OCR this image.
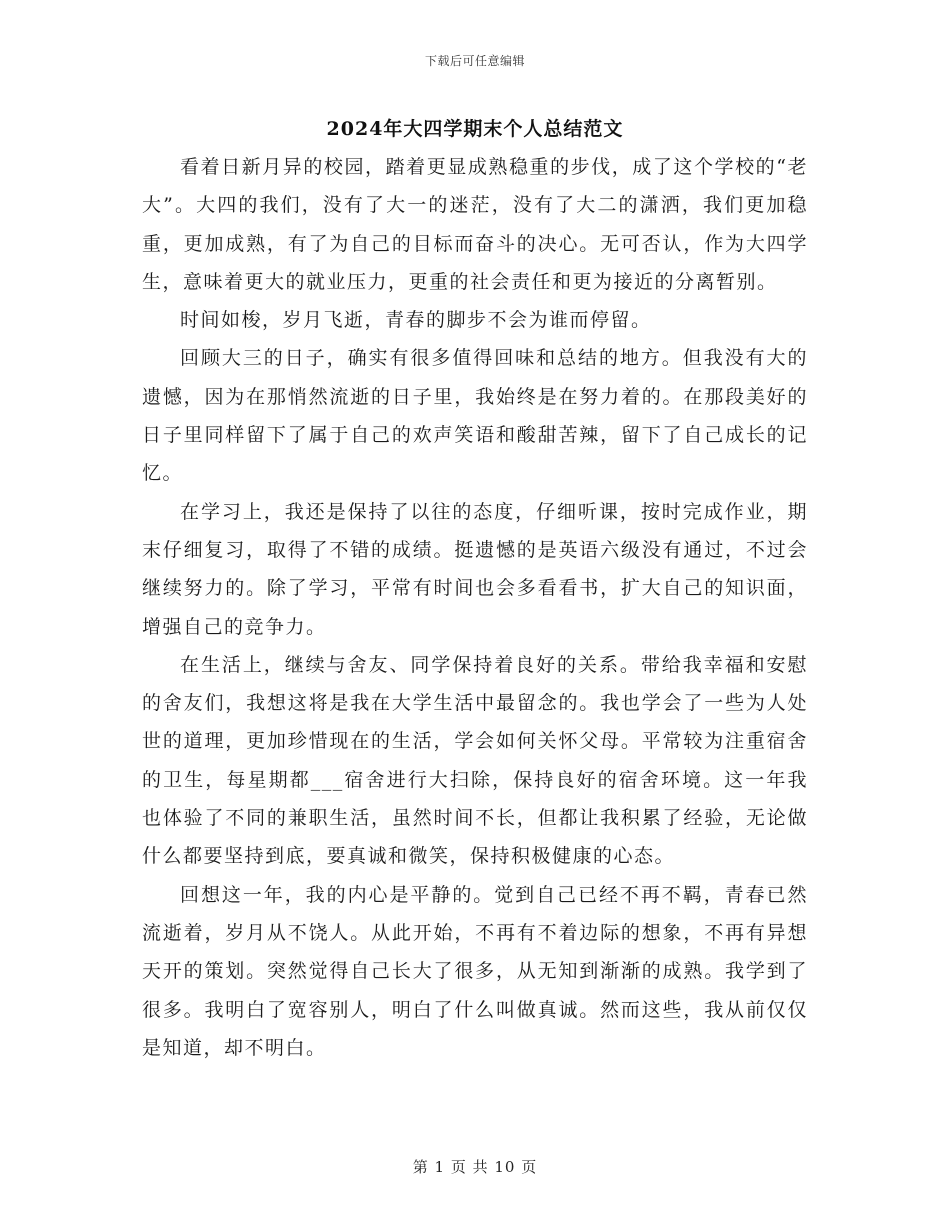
下载后可任意编辑
2024年大四学期末个人总结范文

看着日新月异的校园，踏着更显成熟稳重的步伐，成了这个学校的“老大”。大四的我们，没有了大一的迷茫，没有了大二的潇洒，我们更加稳重，更加成熟，有了为自己的目标而奋斗的决心。无可否认，作为大四学生，意味着更大的就业压力，更重的社会责任和更为接近的分离暂别。

时间如梭，岁月飞逝，青春的脚步不会为谁而停留。

回顾大三的日子，确实有很多值得回味和总结的地方。但我没有大的遗憾，因为在那悄然流逝的日子里，我始终是在努力着的。在那段美好的日子里同样留下了属于自己的欢声笑语和酸甜苦辣，留下了自己成长的记忆。

在学习上，我还是保持了以往的态度，仔细听课，按时完成作业，期末仔细复习，取得了不错的成绩。挺遗憾的是英语六级没有通过，不过会继续努力的。除了学习，平常有时间也会多看看书，扩大自己的知识面，增强自己的竞争力。

在生活上，继续与舍友、同学保持着良好的关系。带给我幸福和安慰的舍友们，我想这将是我在大学生活中最留念的。我也学会了一些为人处世的道理，更加珍惜现在的生活，学会如何关怀父母。平常较为注重宿舍的卫生，每星期都___宿舍进行大扫除，保持良好的宿舍环境。这一年我也体验了不同的兼职生活，虽然时间不长，但都让我积累了经验，无论做什么都要坚持到底，要真诚和微笑，保持积极健康的心态。

回想这一年，我的内心是平静的。觉到自己已经不再不羁，青春已然流逝着，岁月从不饶人。从此开始，不再有不着边际的想象，不再有异想天开的策划。突然觉得自己长大了很多，从无知到渐渐的成熟。我学到了很多。我明白了宽容别人，明白了什么叫做真诚。然而这些，我从前仅仅是知道，却不明白。

第 1 页 共 10 页
